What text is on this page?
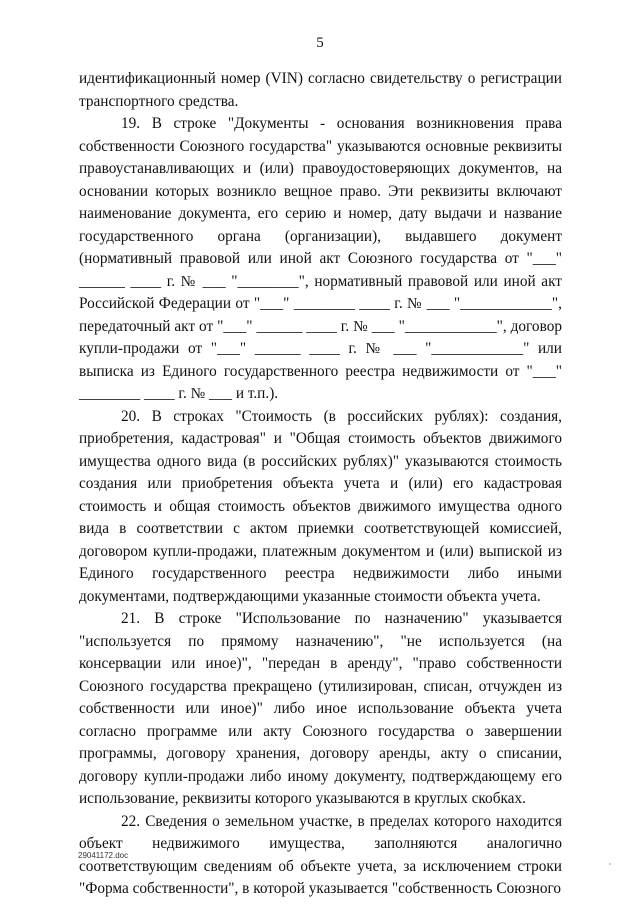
5

идентификационный номер (VIN) согласно свидетельству о регистрации транспортного средства.

19. В строке "Документы - основания возникновения права собственности Союзного государства" указываются основные реквизиты правоустанавливающих и (или) правоудостоверяющих документов, на основании которых возникло вещное право. Эти реквизиты включают наименование документа, его серию и номер, дату выдачи и название государственного органа (организации), выдавшего документ (нормативный правовой или иной акт Союзного государства от "___" ______ ____ г. № ___ "________", нормативный правовой или иной акт Российской Федерации от "___" ________ ____ г. № ___ "____________", передаточный акт от "___" ______ ____ г. № ___ "____________", договор купли-продажи от "___" ______ ____ г. № ___ "____________" или выписка из Единого государственного реестра недвижимости от "___" ________ ____ г. № ___ и т.п.).

20. В строках "Стоимость (в российских рублях): создания, приобретения, кадастровая" и "Общая стоимость объектов движимого имущества одного вида (в российских рублях)" указываются стоимость создания или приобретения объекта учета и (или) его кадастровая стоимость и общая стоимость объектов движимого имущества одного вида в соответствии с актом приемки соответствующей комиссией, договором купли-продажи, платежным документом и (или) выпиской из Единого государственного реестра недвижимости либо иными документами, подтверждающими указанные стоимости объекта учета.

21. В строке "Использование по назначению" указывается "используется по прямому назначению", "не используется (на консервации или иное)", "передан в аренду", "право собственности Союзного государства прекращено (утилизирован, списан, отчужден из собственности или иное)" либо иное использование объекта учета согласно программе или акту Союзного государства о завершении программы, договору хранения, договору аренды, акту о списании, договору купли-продажи либо иному документу, подтверждающему его использование, реквизиты которого указываются в круглых скобках.

22. Сведения о земельном участке, в пределах которого находится объект недвижимого имущества, заполняются аналогично соответствующим сведениям об объекте учета, за исключением строки "Форма собственности", в которой указывается "собственность Союзного

29041172.doc
